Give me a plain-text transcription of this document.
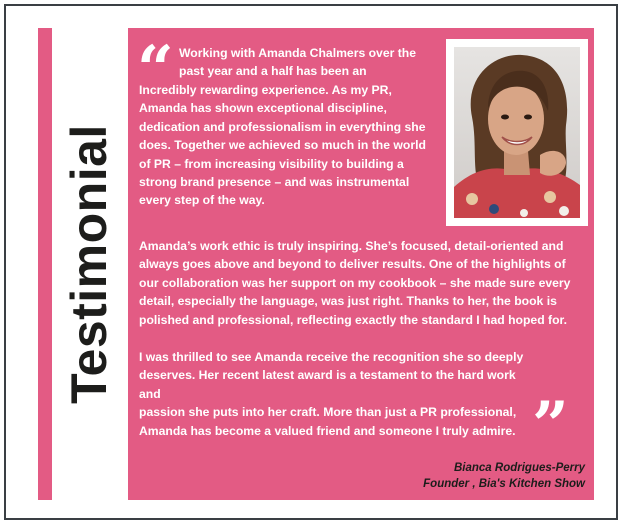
Testimonial
“ Working with Amanda Chalmers over the
past year and a half has been an
Incredibly rewarding experience. As my PR,
Amanda has shown exceptional discipline,
dedication and professionalism in everything she
does. Together we achieved so much in the world
of PR – from increasing visibility to building a
strong brand presence – and was instrumental
every step of the way.
Amanda’s work ethic is truly inspiring. She’s focused, detail-oriented and
always goes above and beyond to deliver results. One of the highlights of
our collaboration was her support on my cookbook – she made sure every
detail, especially the language, was just right. Thanks to her, the book is
polished and professional, reflecting exactly the standard I had hoped for.
I was thrilled to see Amanda receive the recognition she so deeply
deserves. Her recent latest award is a testament to the hard work and
passion she puts into her craft. More than just a PR professional,
Amanda has become a valued friend and someone I truly admire. ”
Bianca Rodrigues-Perry
Founder , Bia's Kitchen Show
